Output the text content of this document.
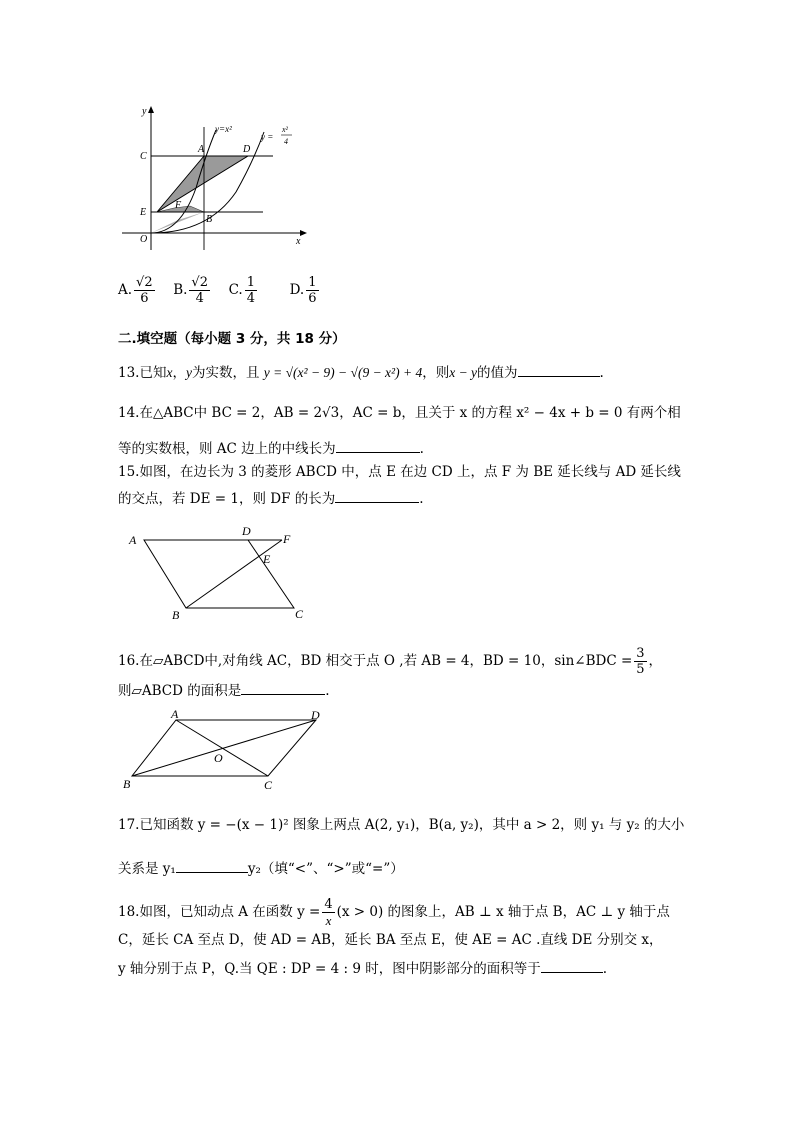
y
x
O
E
C
A	D
F
B
y=x²
y =
x²
4
A. $\frac{√2}{6} B$. $\frac{√2}{4} C$. $\frac{1}{4} D$. $\frac{1}{6}$
二.填空题（每小题 3 分，共 18 分）
13.已知x，y为实数，且 y = √(x² − 9) − √(9 − x²) + 4，则x − y的值为	.
14.在△ABC中 BC = 2，AB = 2√3，AC = b，且关于 x 的方程 x² − 4x + b = 0 有两个相
等的实数根，则 AC 边上的中线长为	.
15.如图，在边长为 3 的菱形 ABCD 中，点 E 在边 CD 上，点 F 为 BE 延长线与 AD 延长线
的交点，若 DE = 1，则 DF 的长为	.
A
D
F
E
B	C
16.在▱ABCD中,对角线 AC，BD 相交于点 O ,若 AB = 4，BD = 10，sin∠BDC = $\frac{3}{5}$ ，
则▱ABCD 的面积是	.
A	D
O
B	C
17.已知函数 y = −(x − 1)² 图象上两点 A(2, y₁)，B(a, y₂)，其中 a > 2，则 y₁ 与 y₂ 的大小
关系是 y₁	y₂（填“<”、“>”或“=”）
18.如图，已知动点 A 在函数 $y = \frac{4}{x} (x > 0)$ 的图象上，AB ⊥ x 轴于点 B，AC ⊥ y 轴于点
C，延长 CA 至点 D，使 AD = AB，延长 BA 至点 E，使 AE = AC .直线 DE 分别交 x，
y 轴分别于点 P，Q.当 QE : DP = 4 : 9 时，图中阴影部分的面积等于	.
